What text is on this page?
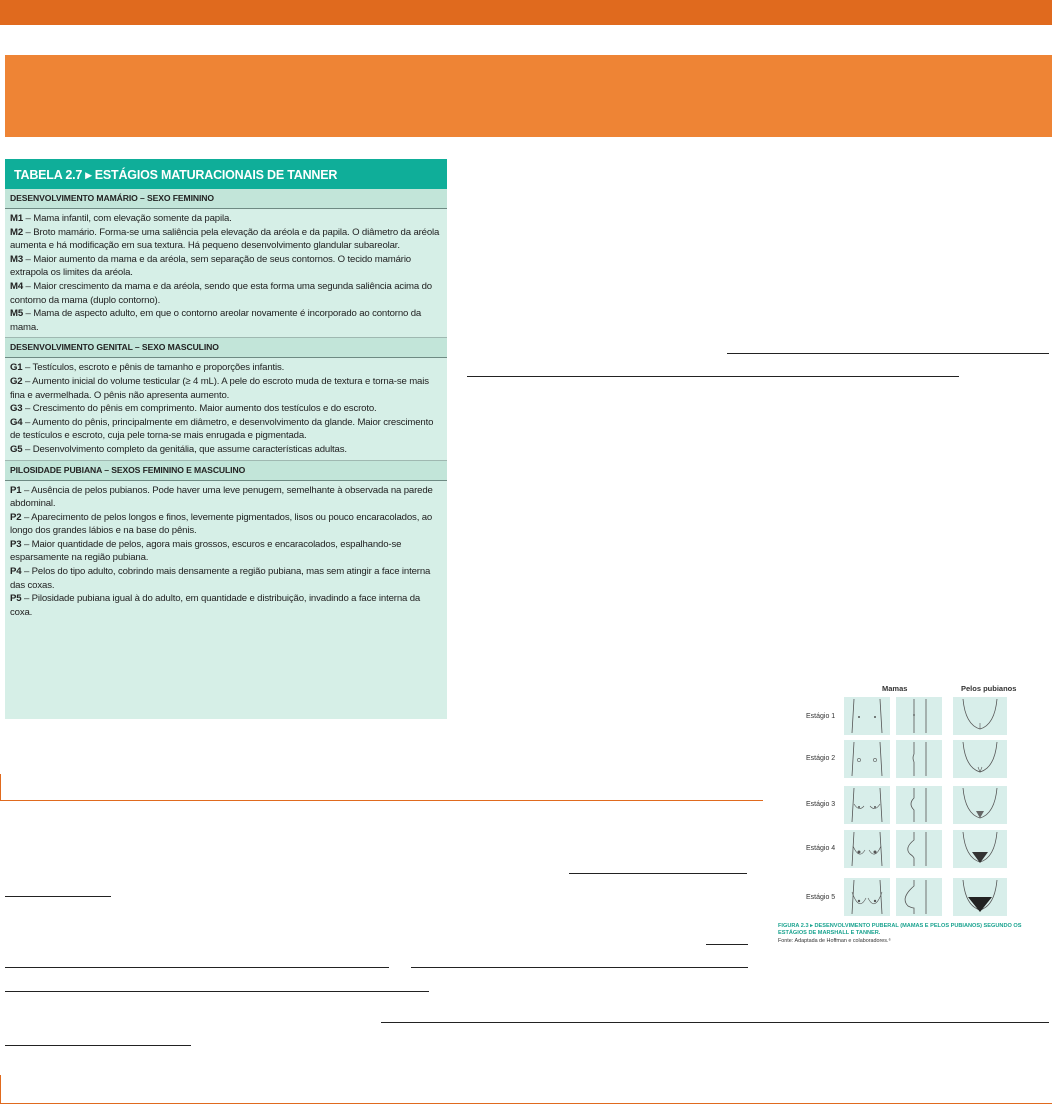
TABELA 2.7 ▸ ESTÁGIOS MATURACIONAIS DE TANNER
DESENVOLVIMENTO MAMÁRIO – SEXO FEMININO

M1 – Mama infantil, com elevação somente da papila.

M2 – Broto mamário. Forma-se uma saliência pela elevação da aréola e da papila. O diâmetro da aréola aumenta e há modificação em sua textura. Há pequeno desenvolvimento glandular subareolar.

M3 – Maior aumento da mama e da aréola, sem separação de seus contornos. O tecido mamário extrapola os limites da aréola.

M4 – Maior crescimento da mama e da aréola, sendo que esta forma uma segunda saliência acima do contorno da mama (duplo contorno).

M5 – Mama de aspecto adulto, em que o contorno areolar novamente é incorporado ao contorno da mama.

DESENVOLVIMENTO GENITAL – SEXO MASCULINO

G1 – Testículos, escroto e pênis de tamanho e proporções infantis.

G2 – Aumento inicial do volume testicular (≥ 4 mL). A pele do escroto muda de textura e torna-se mais fina e avermelhada. O pênis não apresenta aumento.

G3 – Crescimento do pênis em comprimento. Maior aumento dos testículos e do escroto.

G4 – Aumento do pênis, principalmente em diâmetro, e desenvolvimento da glande. Maior crescimento de testículos e escroto, cuja pele torna-se mais enrugada e pigmentada.

G5 – Desenvolvimento completo da genitália, que assume características adultas.

PILOSIDADE PUBIANA – SEXOS FEMININO E MASCULINO

P1 – Ausência de pelos pubianos. Pode haver uma leve penugem, semelhante à observada na parede abdominal.

P2 – Aparecimento de pelos longos e finos, levemente pigmentados, lisos ou pouco encaracolados, ao longo dos grandes lábios e na base do pênis.

P3 – Maior quantidade de pelos, agora mais grossos, escuros e encaracolados, espalhando-se esparsamente na região pubiana.

P4 – Pelos do tipo adulto, cobrindo mais densamente a região pubiana, mas sem atingir a face interna das coxas.

P5 – Pilosidade pubiana igual à do adulto, em quantidade e distribuição, invadindo a face interna da coxa.

Mamas	Pelos pubianos
Estágio 1
Estágio 2
Estágio 3
Estágio 4
Estágio 5
FIGURA 2.3 ▸ DESENVOLVIMENTO PUBERAL (MAMAS E PELOS PUBIANOS) SEGUNDO OS ESTÁGIOS DE MARSHALL E TANNER.
Fonte: Adaptada de Hoffman e colaboradores.⁶
